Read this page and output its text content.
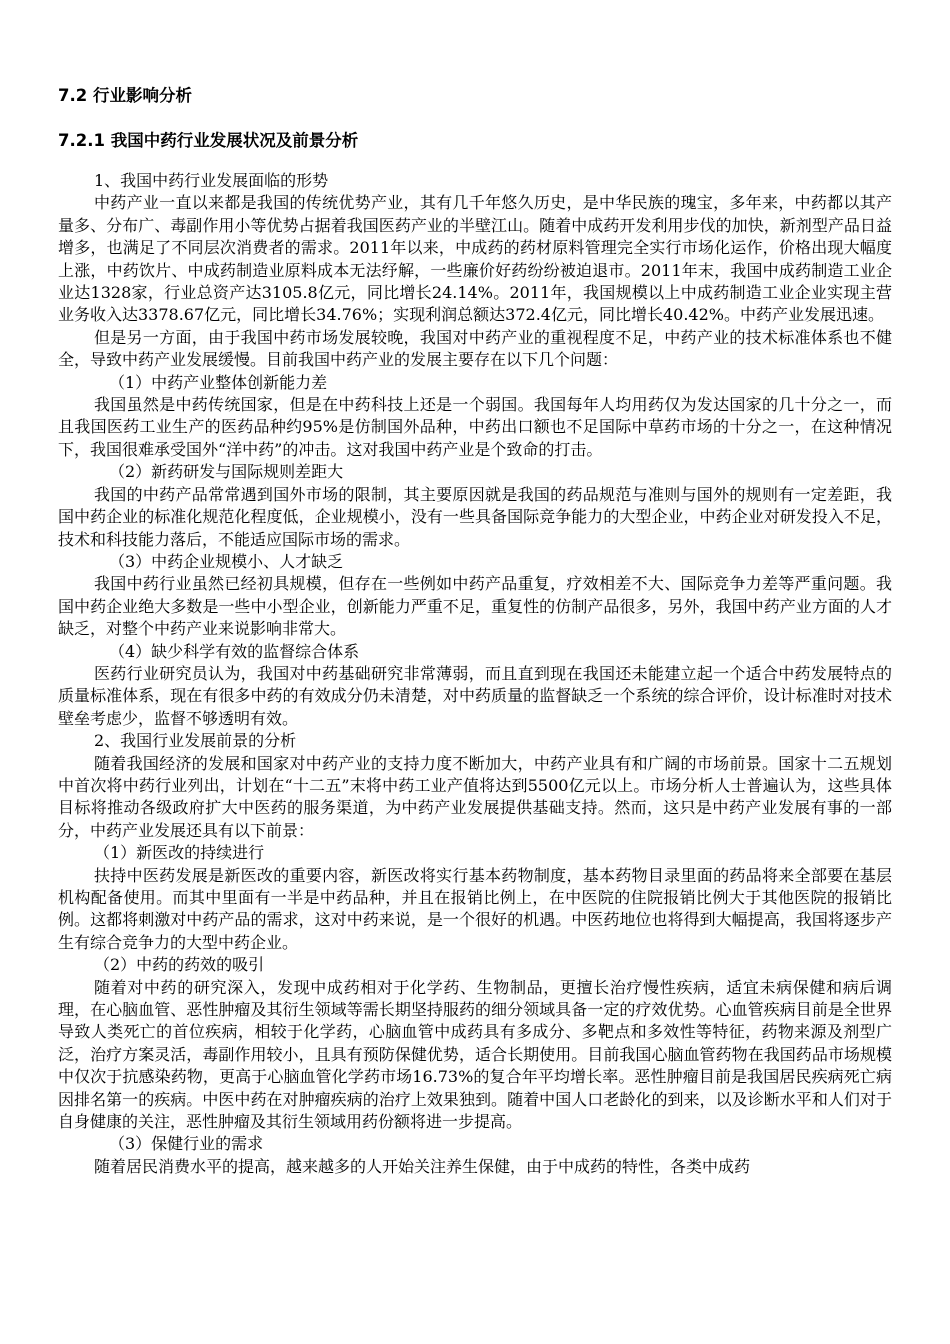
7.2 行业影响分析
7.2.1 我国中药行业发展状况及前景分析

1、我国中药行业发展面临的形势

中药产业一直以来都是我国的传统优势产业，其有几千年悠久历史，是中华民族的瑰宝，多年来，中药都以其产量多、分布广、毒副作用小等优势占据着我国医药产业的半壁江山。随着中成药开发利用步伐的加快，新剂型产品日益增多，也满足了不同层次消费者的需求。2011年以来，中成药的药材原料管理完全实行市场化运作，价格出现大幅度上涨，中药饮片、中成药制造业原料成本无法纾解，一些廉价好药纷纷被迫退市。2011年末，我国中成药制造工业企业达1328家，行业总资产达3105.8亿元，同比增长24.14%。2011年，我国规模以上中成药制造工业企业实现主营业务收入达3378.67亿元，同比增长34.76%；实现利润总额达372.4亿元，同比增长40.42%。中药产业发展迅速。

但是另一方面，由于我国中药市场发展较晚，我国对中药产业的重视程度不足，中药产业的技术标准体系也不健全，导致中药产业发展缓慢。目前我国中药产业的发展主要存在以下几个问题：

（1）中药产业整体创新能力差

我国虽然是中药传统国家，但是在中药科技上还是一个弱国。我国每年人均用药仅为发达国家的几十分之一，而且我国医药工业生产的医药品种约95%是仿制国外品种，中药出口额也不足国际中草药市场的十分之一，在这种情况下，我国很难承受国外“洋中药”的冲击。这对我国中药产业是个致命的打击。

（2）新药研发与国际规则差距大

我国的中药产品常常遇到国外市场的限制，其主要原因就是我国的药品规范与准则与国外的规则有一定差距，我国中药企业的标准化规范化程度低，企业规模小，没有一些具备国际竞争能力的大型企业，中药企业对研发投入不足，技术和科技能力落后，不能适应国际市场的需求。

（3）中药企业规模小、人才缺乏

我国中药行业虽然已经初具规模，但存在一些例如中药产品重复，疗效相差不大、国际竞争力差等严重问题。我国中药企业绝大多数是一些中小型企业，创新能力严重不足，重复性的仿制产品很多，另外，我国中药产业方面的人才缺乏，对整个中药产业来说影响非常大。

（4）缺少科学有效的监督综合体系

医药行业研究员认为，我国对中药基础研究非常薄弱，而且直到现在我国还未能建立起一个适合中药发展特点的质量标准体系，现在有很多中药的有效成分仍未清楚，对中药质量的监督缺乏一个系统的综合评价，设计标准时对技术壁垒考虑少，监督不够透明有效。

2、我国行业发展前景的分析

随着我国经济的发展和国家对中药产业的支持力度不断加大，中药产业具有和广阔的市场前景。国家十二五规划中首次将中药行业列出，计划在“十二五”末将中药工业产值将达到5500亿元以上。市场分析人士普遍认为，这些具体目标将推动各级政府扩大中医药的服务渠道，为中药产业发展提供基础支持。然而，这只是中药产业发展有事的一部分，中药产业发展还具有以下前景：

（1）新医改的持续进行

扶持中医药发展是新医改的重要内容，新医改将实行基本药物制度，基本药物目录里面的药品将来全部要在基层机构配备使用。而其中里面有一半是中药品种，并且在报销比例上，在中医院的住院报销比例大于其他医院的报销比例。这都将刺激对中药产品的需求，这对中药来说，是一个很好的机遇。中医药地位也将得到大幅提高，我国将逐步产生有综合竞争力的大型中药企业。

（2）中药的药效的吸引

随着对中药的研究深入，发现中成药相对于化学药、生物制品，更擅长治疗慢性疾病，适宜未病保健和病后调理，在心脑血管、恶性肿瘤及其衍生领域等需长期坚持服药的细分领域具备一定的疗效优势。心血管疾病目前是全世界导致人类死亡的首位疾病，相较于化学药，心脑血管中成药具有多成分、多靶点和多效性等特征，药物来源及剂型广泛，治疗方案灵活，毒副作用较小，且具有预防保健优势，适合长期使用。目前我国心脑血管药物在我国药品市场规模中仅次于抗感染药物，更高于心脑血管化学药市场16.73%的复合年平均增长率。恶性肿瘤目前是我国居民疾病死亡病因排名第一的疾病。中医中药在对肿瘤疾病的治疗上效果独到。随着中国人口老龄化的到来，以及诊断水平和人们对于自身健康的关注，恶性肿瘤及其衍生领域用药份额将进一步提高。

（3）保健行业的需求

随着居民消费水平的提高，越来越多的人开始关注养生保健，由于中成药的特性，各类中成药
